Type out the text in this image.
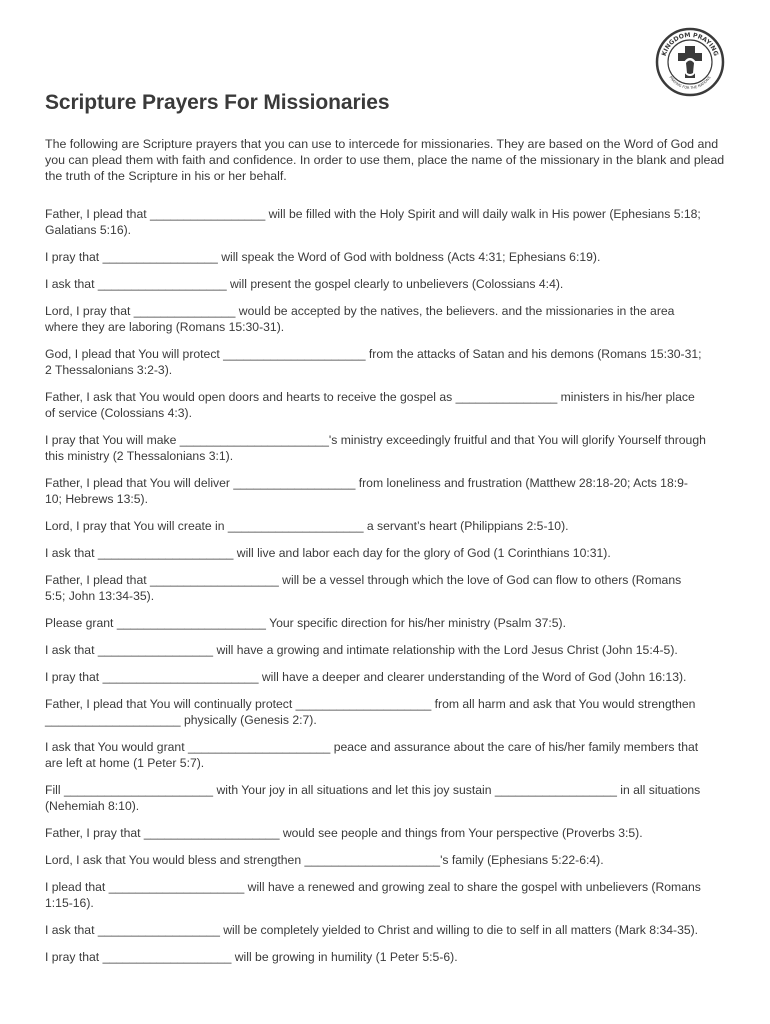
KINGDOM PRAYING
PRAYING FOR THE NATIONS
Scripture Prayers For Missionaries

The following are Scripture prayers that you can use to intercede for missionaries. They are based on the Word of God and you can plead them with faith and confidence. In order to use them, place the name of the missionary in the blank and plead the truth of the Scripture in his or her behalf.

Father, I plead that _________________ will be filled with the Holy Spirit and will daily walk in His power (Ephesians 5:18;
Galatians 5:16).
I pray that _________________ will speak the Word of God with boldness (Acts 4:31; Ephesians 6:19).
I ask that ___________________ will present the gospel clearly to unbelievers (Colossians 4:4).
Lord, I pray that _______________ would be accepted by the natives, the believers. and the missionaries in the area
where they are laboring (Romans 15:30-31).
God, I plead that You will protect _____________________ from the attacks of Satan and his demons (Romans 15:30-31;
2 Thessalonians 3:2-3).
Father, I ask that You would open doors and hearts to receive the gospel as _______________ ministers in his/her place
of service (Colossians 4:3).
I pray that You will make ______________________'s ministry exceedingly fruitful and that You will glorify Yourself through
this ministry (2 Thessalonians 3:1).
Father, I plead that You will deliver __________________ from loneliness and frustration (Matthew 28:18-20; Acts 18:9-
10; Hebrews 13:5).
Lord, I pray that You will create in ____________________ a servant’s heart (Philippians 2:5-10).
I ask that ____________________ will live and labor each day for the glory of God (1 Corinthians 10:31).
Father, I plead that ___________________ will be a vessel through which the love of God can flow to others (Romans
5:5; John 13:34-35).
Please grant ______________________ Your specific direction for his/her ministry (Psalm 37:5).
I ask that _________________ will have a growing and intimate relationship with the Lord Jesus Christ (John 15:4-5).
I pray that _______________________ will have a deeper and clearer understanding of the Word of God (John 16:13).
Father, I plead that You will continually protect ____________________ from all harm and ask that You would strengthen
____________________ physically (Genesis 2:7).
I ask that You would grant _____________________ peace and assurance about the care of his/her family members that
are left at home (1 Peter 5:7).
Fill ______________________ with Your joy in all situations and let this joy sustain __________________ in all situations
(Nehemiah 8:10).
Father, I pray that ____________________ would see people and things from Your perspective (Proverbs 3:5).
Lord, I ask that You would bless and strengthen ____________________'s family (Ephesians 5:22-6:4).
I plead that ____________________ will have a renewed and growing zeal to share the gospel with unbelievers (Romans
1:15-16).
I ask that __________________ will be completely yielded to Christ and willing to die to self in all matters (Mark 8:34-35).
I pray that ___________________ will be growing in humility (1 Peter 5:5-6).
